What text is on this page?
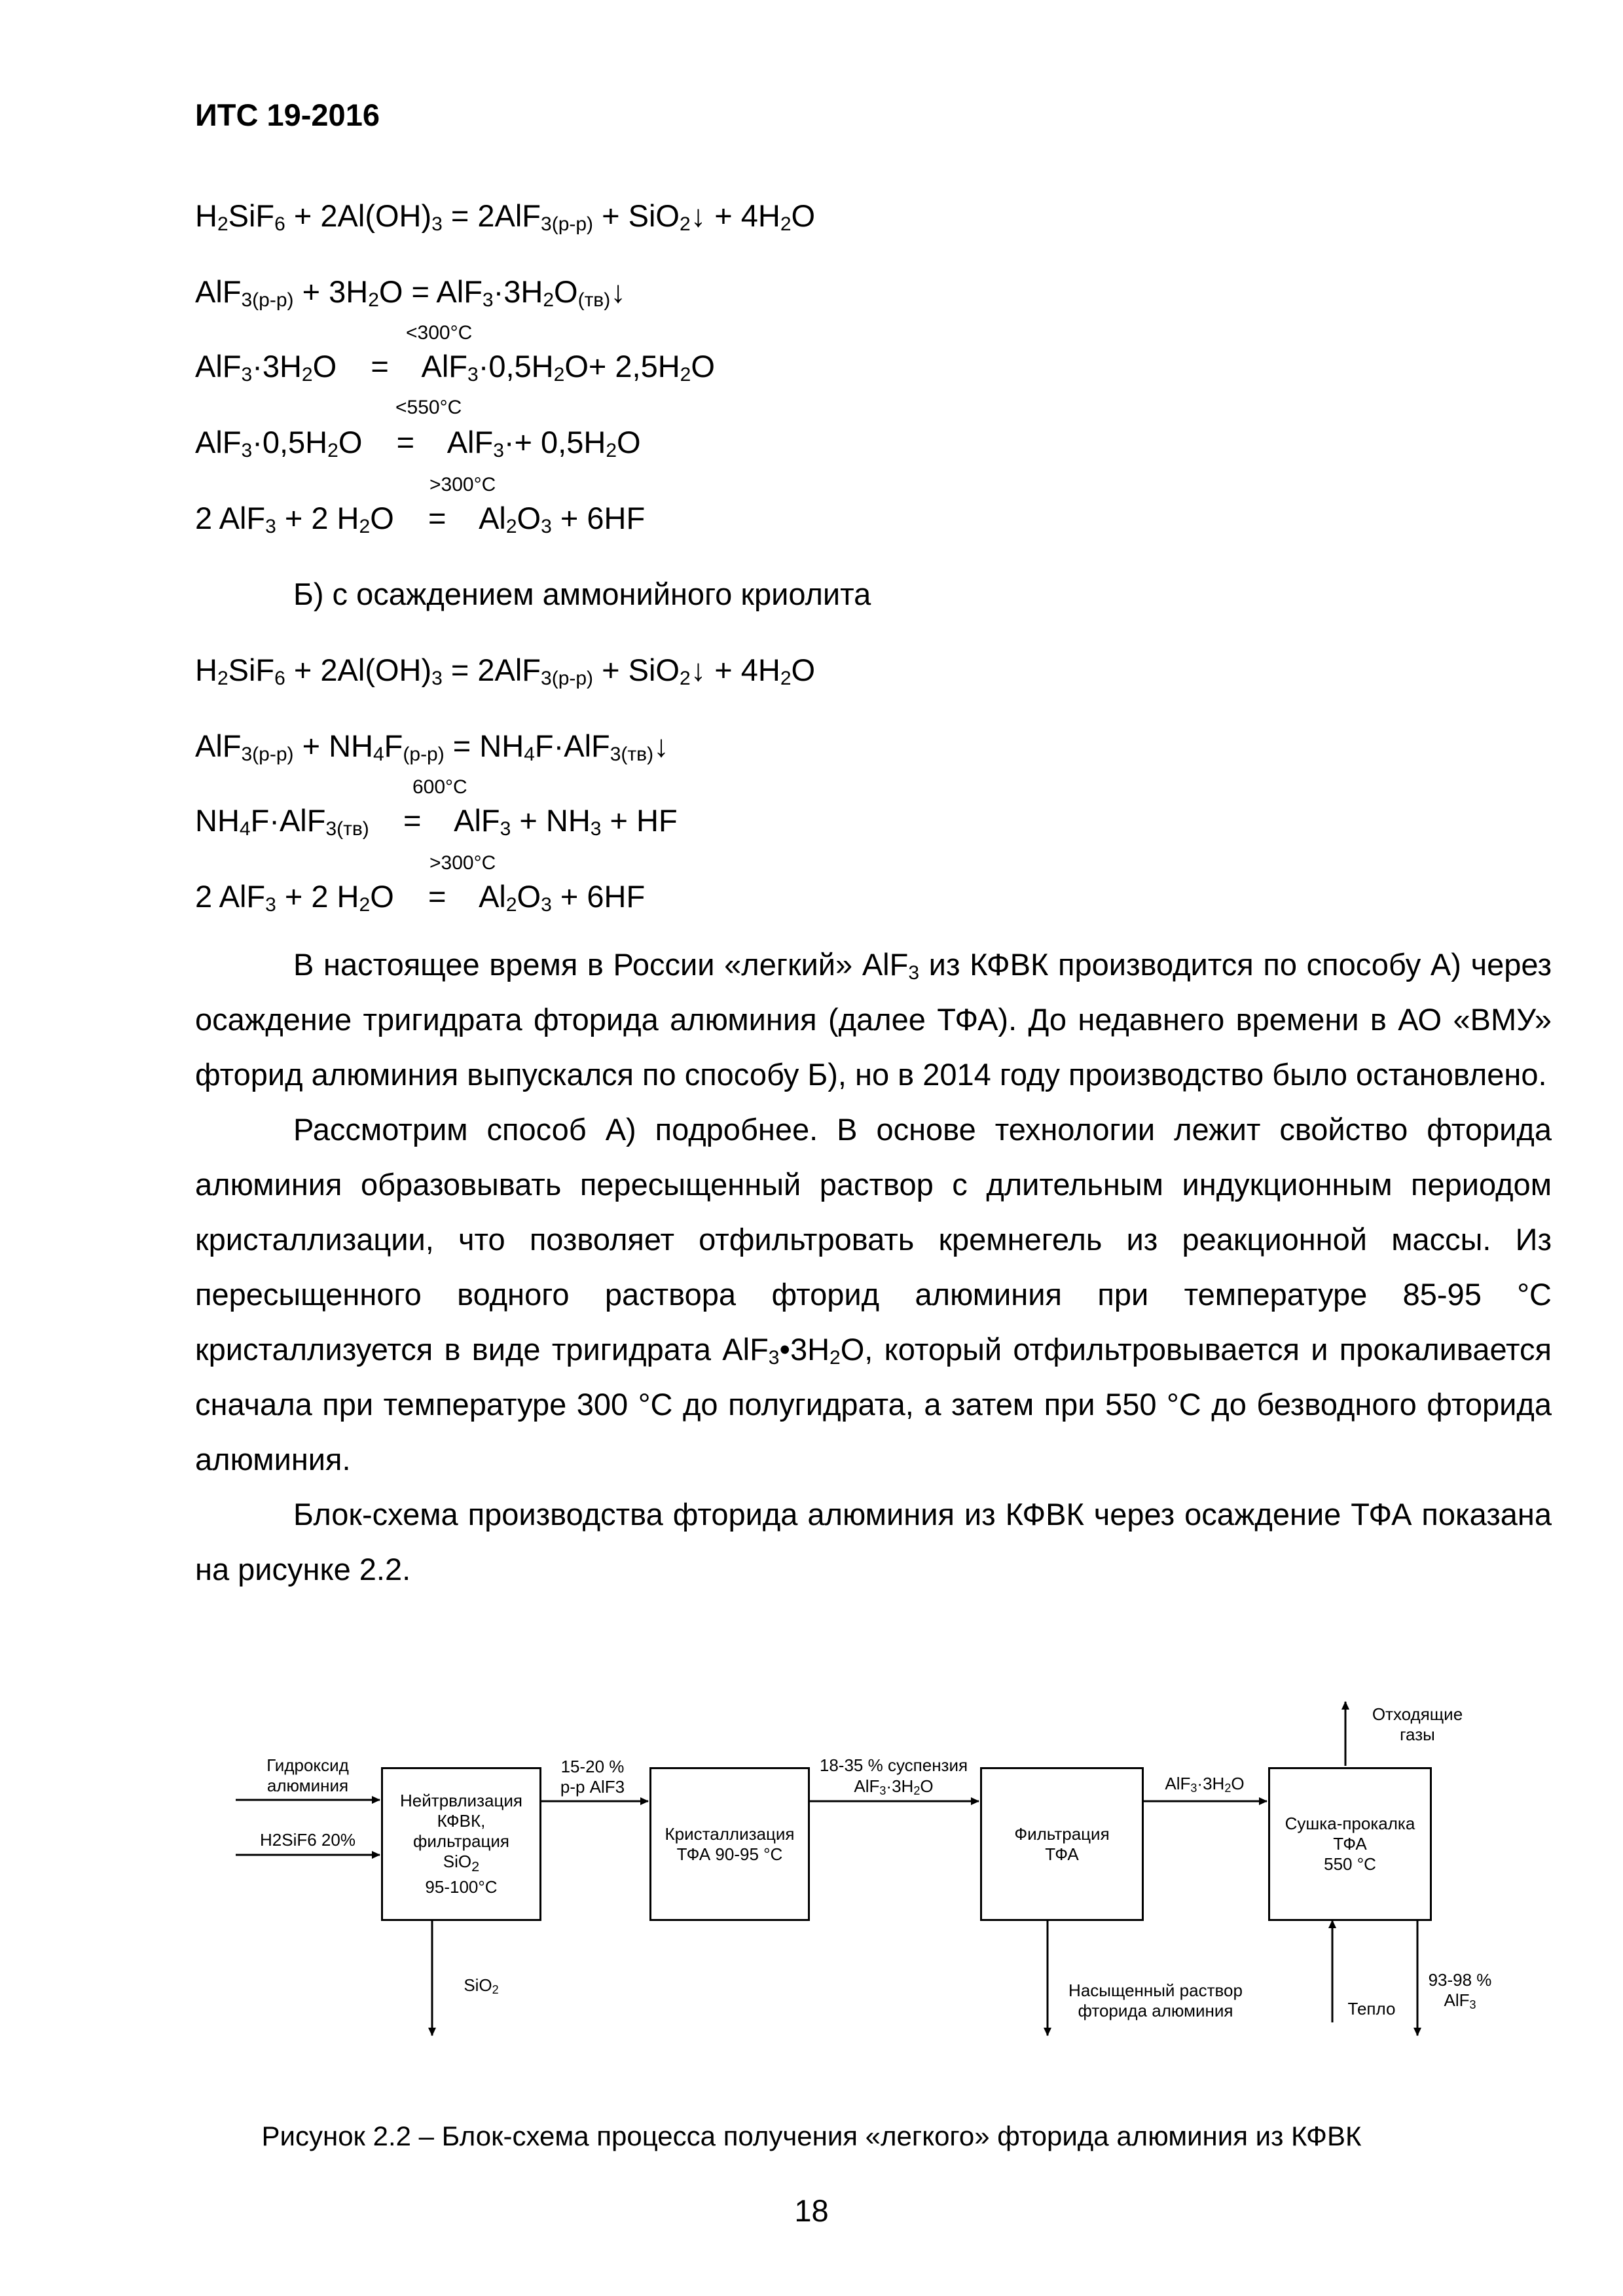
ИТС 19-2016
$H_2SiF_6 + 2Al(OH)_3 = 2AlF_{3(р-р)}$ + SiO$_2$↓ + $4H_2O$
$AlF_{3(р-р)} + 3H_2O$ = $AlF_3\cdot 3H_2O_{(тв)}↓$
<300°C
$AlF_3\cdot 3H_2O$    =    $AlF_3\cdot 0,5H_2O+ 2,5H_2O$
<550°C
$AlF_3\cdot 0,5H_2O$    =    $AlF_3\cdot+ 0,5H_2O$
>300°C
2 AlF$_3$ + 2 $H_2O$    =    $Al_2O_3 + 6HF$
Б) с осаждением аммонийного криолита
$H_2SiF_6 + 2Al(OH)_3 = 2AlF_{3(р-р)}$ + SiO$_2$↓ + $4H_2O$
$AlF_{3(р-р)} + NH_4F_{(р-р)}$ = $NH_4F\cdot AlF_{3(тв)}↓$
600°C
$NH_4F\cdot AlF_{3(тв)}$    =    $AlF_3 + NH_3$ + HF
>300°C
2 AlF$_3$ + 2 $H_2O$    =    $Al_2O_3 + 6HF$

В настоящее время в России «легкий» AlF$_3$ из КФВК производится по способу А) через осаждение тригидрата фторида алюминия (далее ТФА). До недавнего времени в АО «ВМУ» фторид алюминия выпускался по способу Б), но в 2014 году производство было остановлено.

Рассмотрим способ А) подробнее. В основе технологии лежит свойство фторида алюминия образовывать пересыщенный раствор с длительным индукционным периодом кристаллизации, что позволяет отфильтровать кремнегель из реакционной массы. Из пересыщенного водного раствора фторид алюминия при температуре 85-95 °C кристаллизуется в виде тригидрата $AlF_3•3H_2O$, который отфильтровывается и прокаливается сначала при температуре 300 °C до полугидрата, а затем при 550 °C до безводного фторида алюминия.

Блок-схема производства фторида алюминия из КФВК через осаждение ТФА показана на рисунке 2.2.

Нейтрвлизация
КФВК,
фильтрация
SiO$_2$
95-100°С
Кристаллизация
ТФА 90-95 °С
Фильтрация
ТФА
Сушка-прокалка
ТФА
550 °С
Гидроксид
алюминия
H2SiF6 20%
15-20 %
р-р AlF3
18-35 % суспензия
$AlF_3\cdot 3H_2O$	$AlF_3\cdot 3H_2O$
SiO$_2$	Насыщенный раствор
фторида алюминия	Тепло
Отходящие
газы
93-98 %
AlF$_3$
Рисунок 2.2 – Блок-схема процесса получения «легкого» фторида алюминия из КФВК
18
